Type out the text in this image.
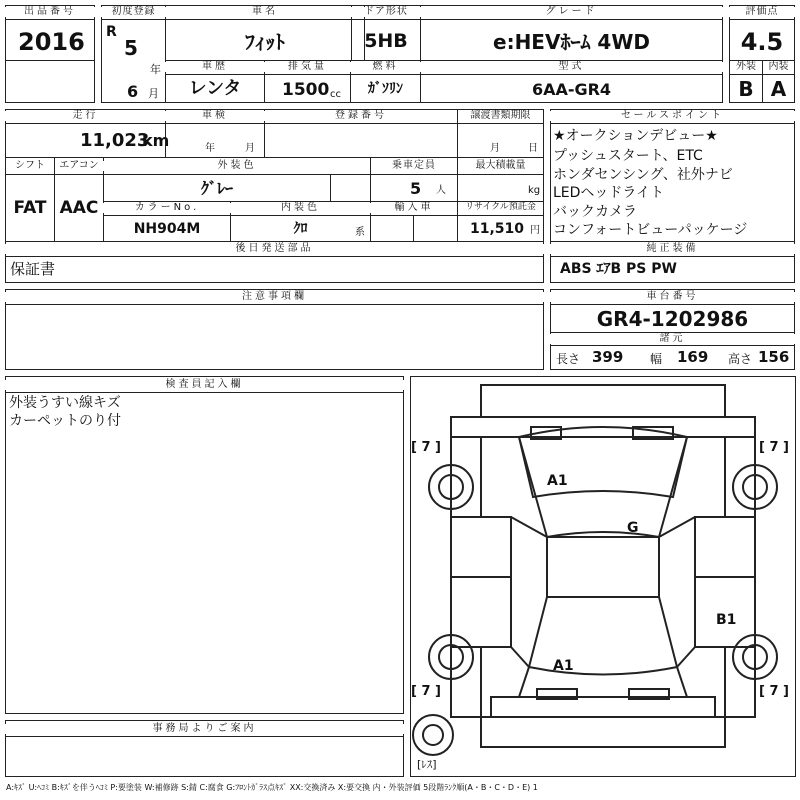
出品番号
2016
初度登録
R
5
年
6 月
車名
ﾌｨｯﾄ
ドア形状
5HB
グレード
e:HEVﾎｰﾑ 4WD
評価点
4.5
車歴
レンタ
排気量
1500 cc
燃料
ｶﾞｿﾘﾝ
型式
6AA-GR4
外装	内装
B A
走行
11,023
km
車検
年	月
登録番号	譲渡書類期限
月	日
シフト	エアコン
FAT AAC
外装色
ｸﾞﾚｰ
乗車定員
5 人
最大積載量
kg
カラーNo.
NH904M
内装色
ｸﾛ	系
輸入車	リサイクル預託金
11,510 円
後日発送部品
保証書
セールスポイント
★オークションデビュー★
プッシュスタート、ETC
ホンダセンシング、社外ナビ
LEDヘッドライト
バックカメラ
コンフォートビューパッケージ
純正装備
ABS ｴｱB PS PW
注意事項欄	車台番号
GR4-1202986
諸元
長さ 399 幅 169 高さ 156
検査員記入欄
外装うすい線キズ
カーペットのり付
事務局よりご案内
A1
G
B1
A1
[ 7 ]	[ 7 ]
[ 7 ]	[ 7 ]
[ﾚｽ]
A:ｷｽﾞ U:ﾍｺﾐ B:ｷｽﾞを伴うﾍｺﾐ P:要塗装 W:補修跡 S:錆 C:腐食 G:ﾌﾛﾝﾄｶﾞﾗｽ点ｷｽﾞ XX:交換済み X:要交換 内・外装評価 5段階ﾗﾝｸ順(A・B・C・D・E) 1
